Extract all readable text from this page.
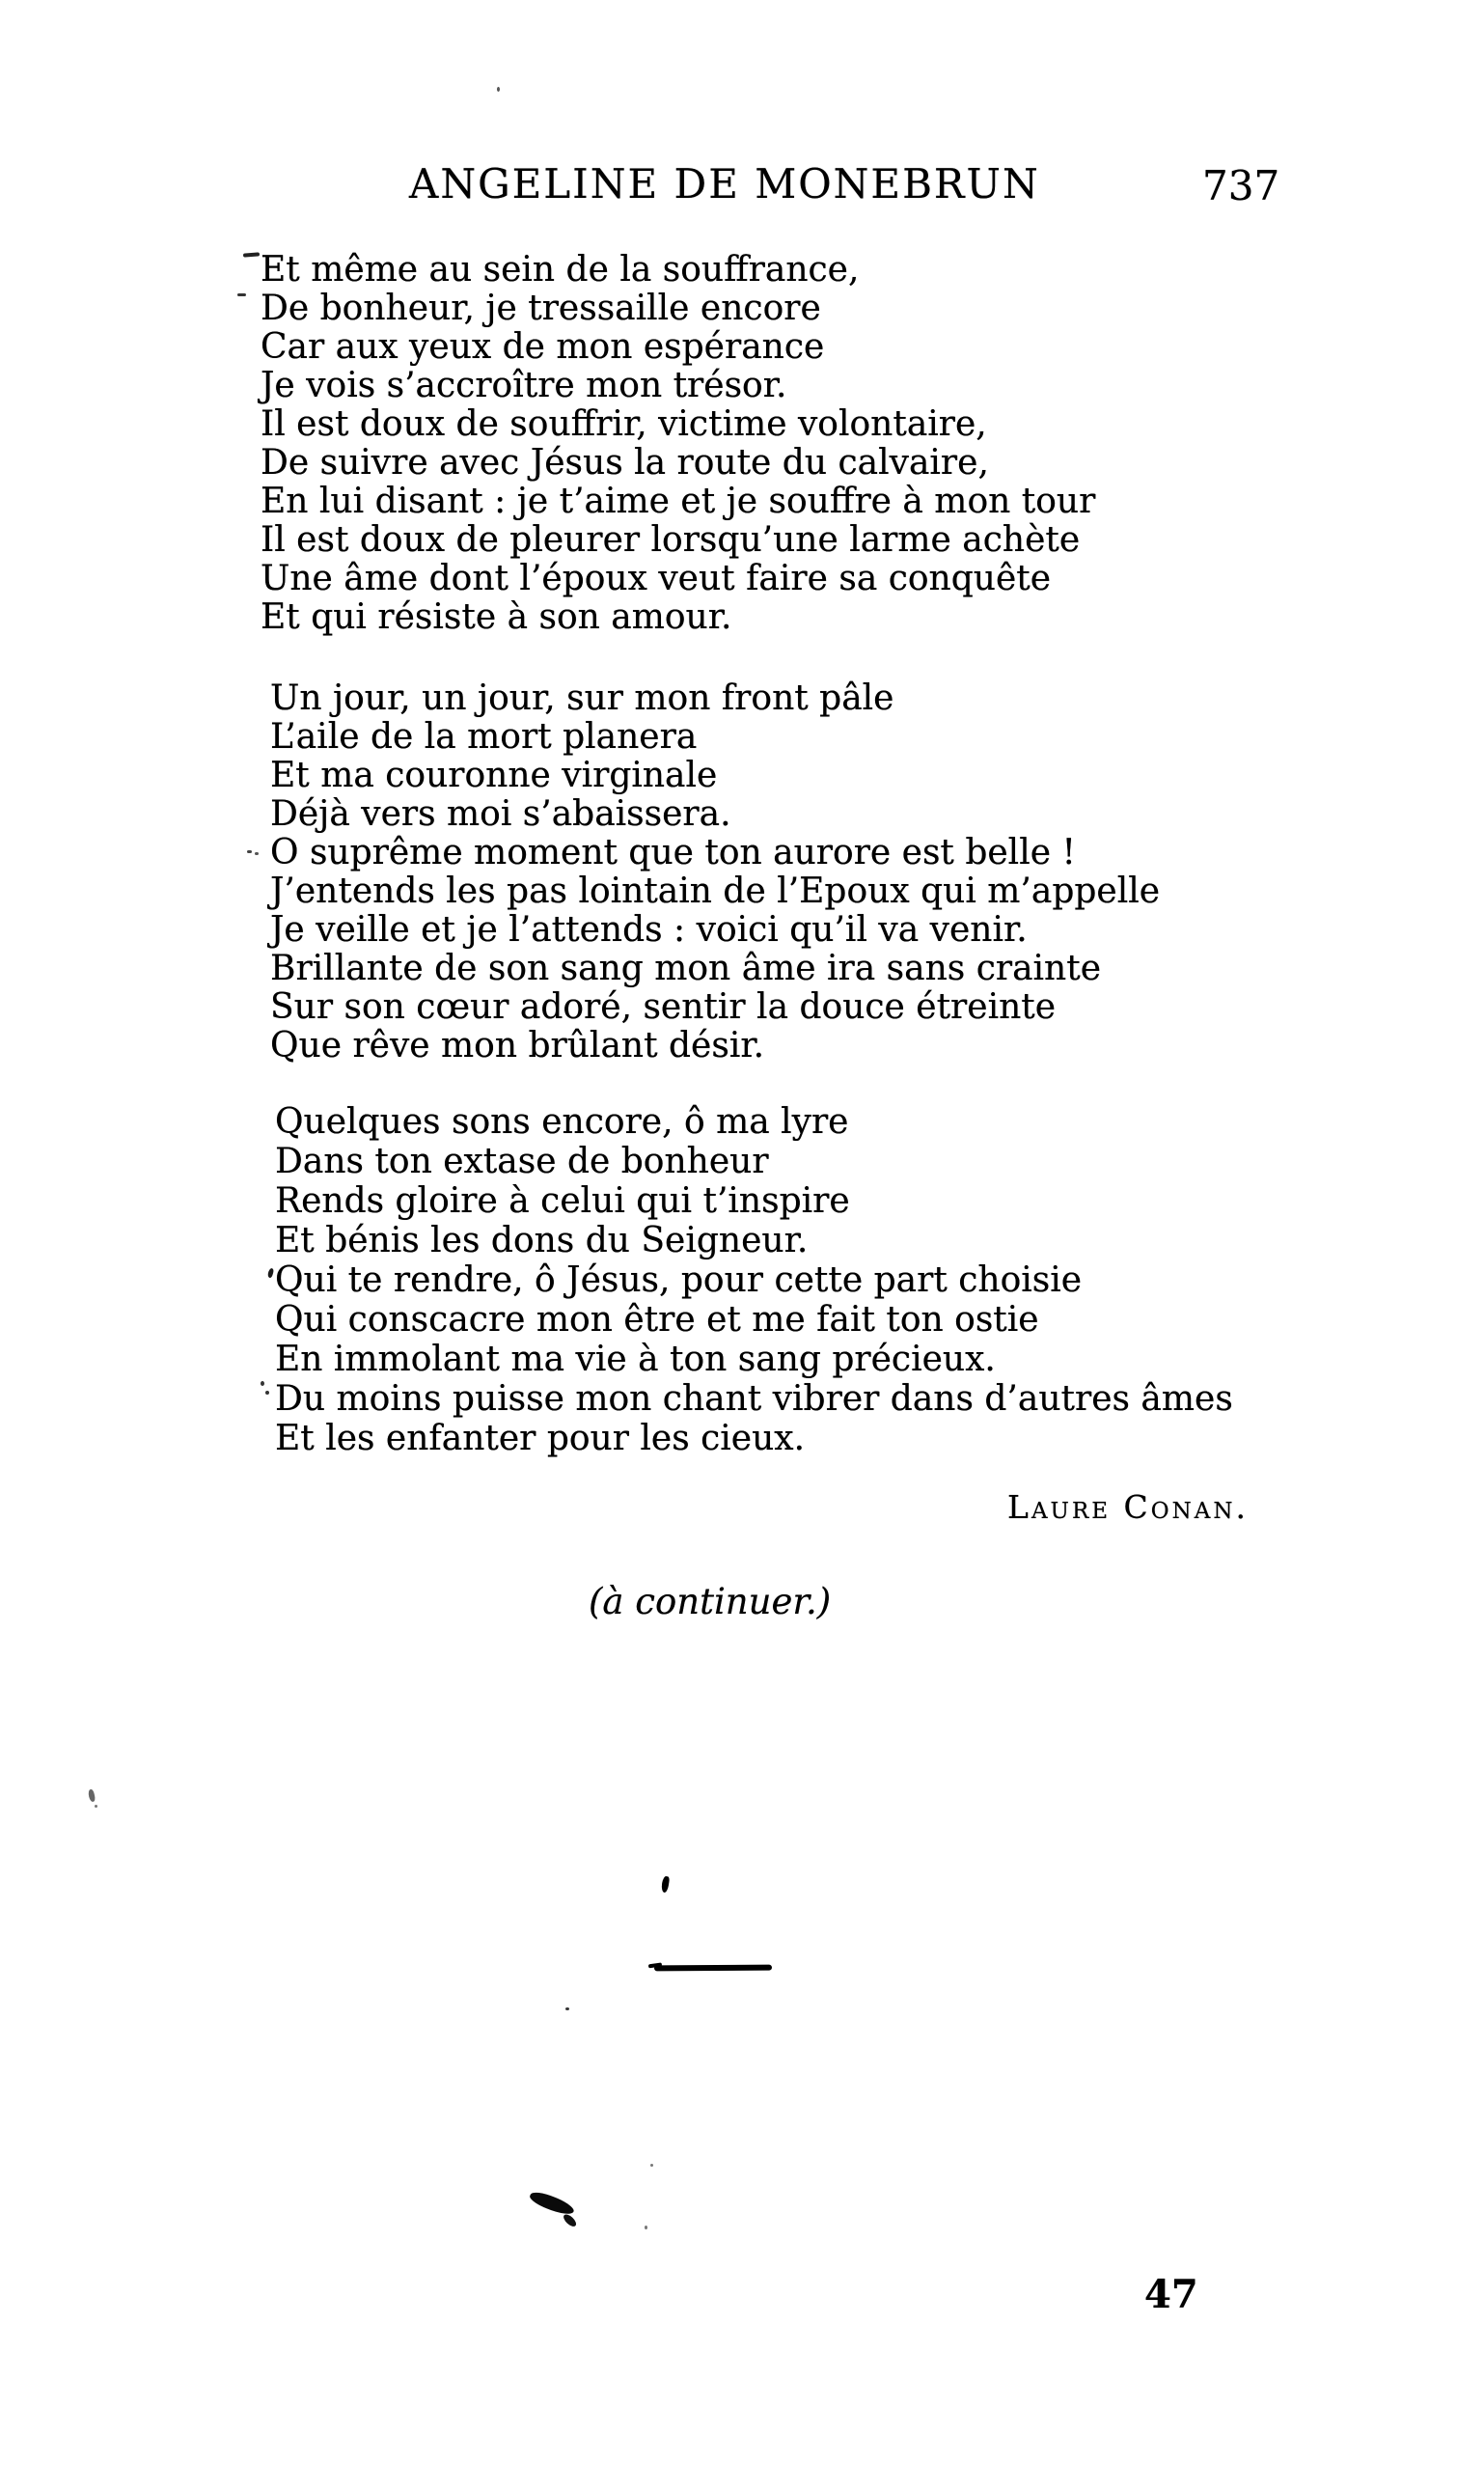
ANGELINE DE MONEBRUN	737
Et même au sein de la souffrance,
De bonheur, je tressaille encore
Car aux yeux de mon espérance
Je vois s’accroître mon trésor.
Il est doux de souffrir, victime volontaire,
De suivre avec Jésus la route du calvaire,
En lui disant : je t’aime et je souffre à mon tour
Il est doux de pleurer lorsqu’une larme achète
Une âme dont l’époux veut faire sa conquête
Et qui résiste à son amour.
Un jour, un jour, sur mon front pâle
L’aile de la mort planera
Et ma couronne virginale
Déjà vers moi s’abaissera.
O suprême moment que ton aurore est belle !
J’entends les pas lointain de l’Epoux qui m’appelle
Je veille et je l’attends : voici qu’il va venir.
Brillante de son sang mon âme ira sans crainte
Sur son cœur adoré, sentir la douce étreinte
Que rêve mon brûlant désir.
Quelques sons encore, ô ma lyre
Dans ton extase de bonheur
Rends gloire à celui qui t’inspire
Et bénis les dons du Seigneur.
Qui te rendre, ô Jésus, pour cette part choisie
Qui conscacre mon être et me fait ton ostie
En immolant ma vie à ton sang précieux.
Du moins puisse mon chant vibrer dans d’autres âmes
Et les enfanter pour les cieux.
Laure Conan.
(à continuer.)
47
